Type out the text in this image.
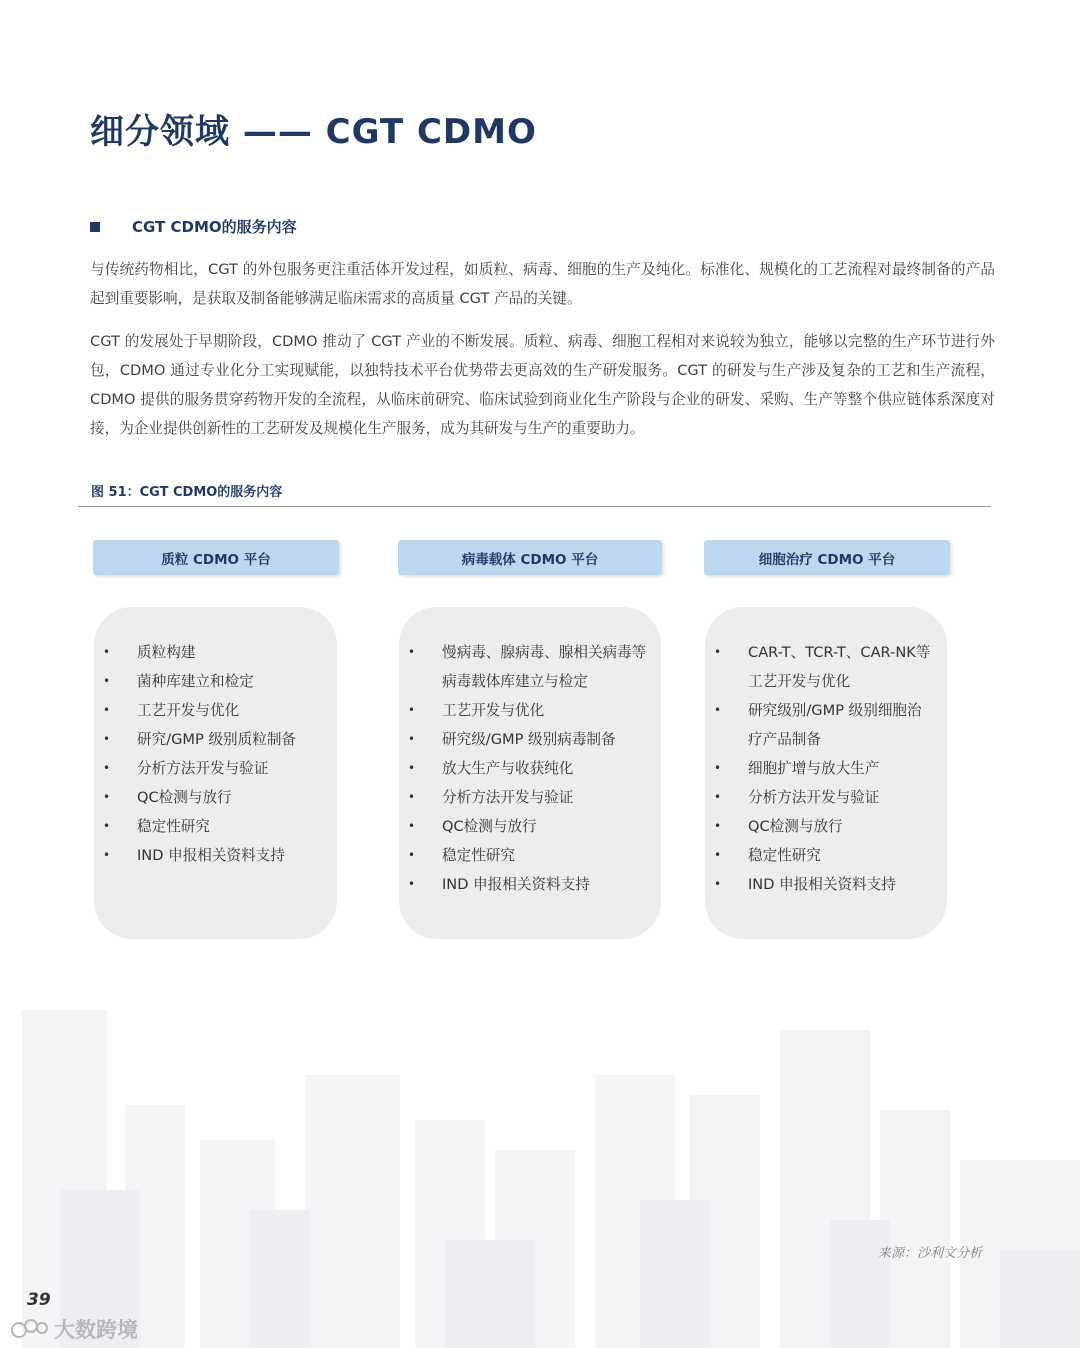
细分领域 —— CGT CDMO
CGT CDMO的服务内容

与传统药物相比，CGT 的外包服务更注重活体开发过程，如质粒、病毒、细胞的生产及纯化。标准化、规模化的工艺流程对最终制备的产品起到重要影响，是获取及制备能够满足临床需求的高质量 CGT 产品的关键。

CGT 的发展处于早期阶段，CDMO 推动了 CGT 产业的不断发展。质粒、病毒、细胞工程相对来说较为独立，能够以完整的生产环节进行外包，CDMO 通过专业化分工实现赋能，以独特技术平台优势带去更高效的生产研发服务。CGT 的研发与生产涉及复杂的工艺和生产流程，CDMO 提供的服务贯穿药物开发的全流程，从临床前研究、临床试验到商业化生产阶段与企业的研发、采购、生产等整个供应链体系深度对接，为企业提供创新性的工艺研发及规模化生产服务，成为其研发与生产的重要助力。

图 51：CGT CDMO的服务内容
质粒 CDMO 平台	病毒载体 CDMO 平台	细胞治疗 CDMO 平台
• 质粒构建
• 菌种库建立和检定
• 工艺开发与优化
• 研究/GMP 级别质粒制备
• 分析方法开发与验证
• QC检测与放行
• 稳定性研究
• IND 申报相关资料支持
• 慢病毒、腺病毒、腺相关病毒等病毒载体库建立与检定
• 工艺开发与优化
• 研究级/GMP 级别病毒制备
• 放大生产与收获纯化
• 分析方法开发与验证
• QC检测与放行
• 稳定性研究
• IND 申报相关资料支持
• CAR-T、TCR-T、CAR-NK等工艺开发与优化
• 研究级别/GMP 级别细胞治疗产品制备
• 细胞扩增与放大生产
• 分析方法开发与验证
• QC检测与放行
• 稳定性研究
• IND 申报相关资料支持
来源：沙利文分析
39
大数跨境
